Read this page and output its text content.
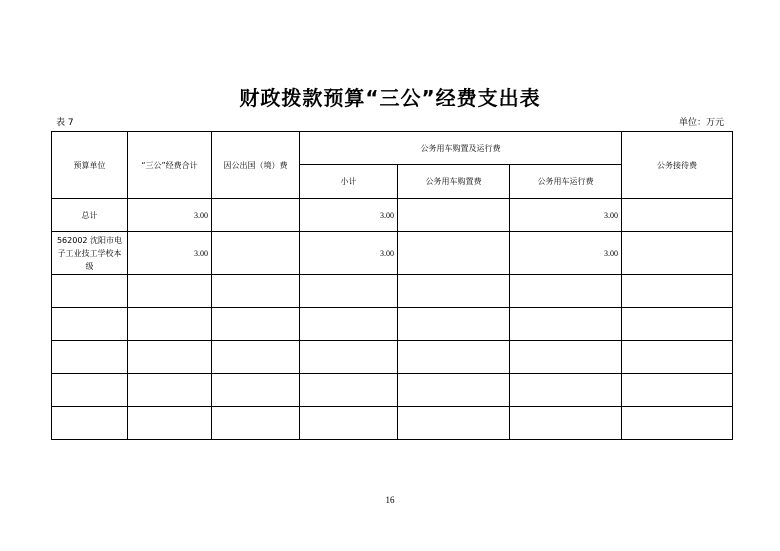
财政拨款预算“三公”经费支出表
表 7	单位：万元
预算单位	“三公”经费合计	因公出国（境）费	公务用车购置及运行费			公务接待费
			小计	公务用车购置费	公务用车运行费	
总计	3.00		3.00		3.00	
562002 沈阳市电子工业技工学校本级	3.00		3.00		3.00	

16
